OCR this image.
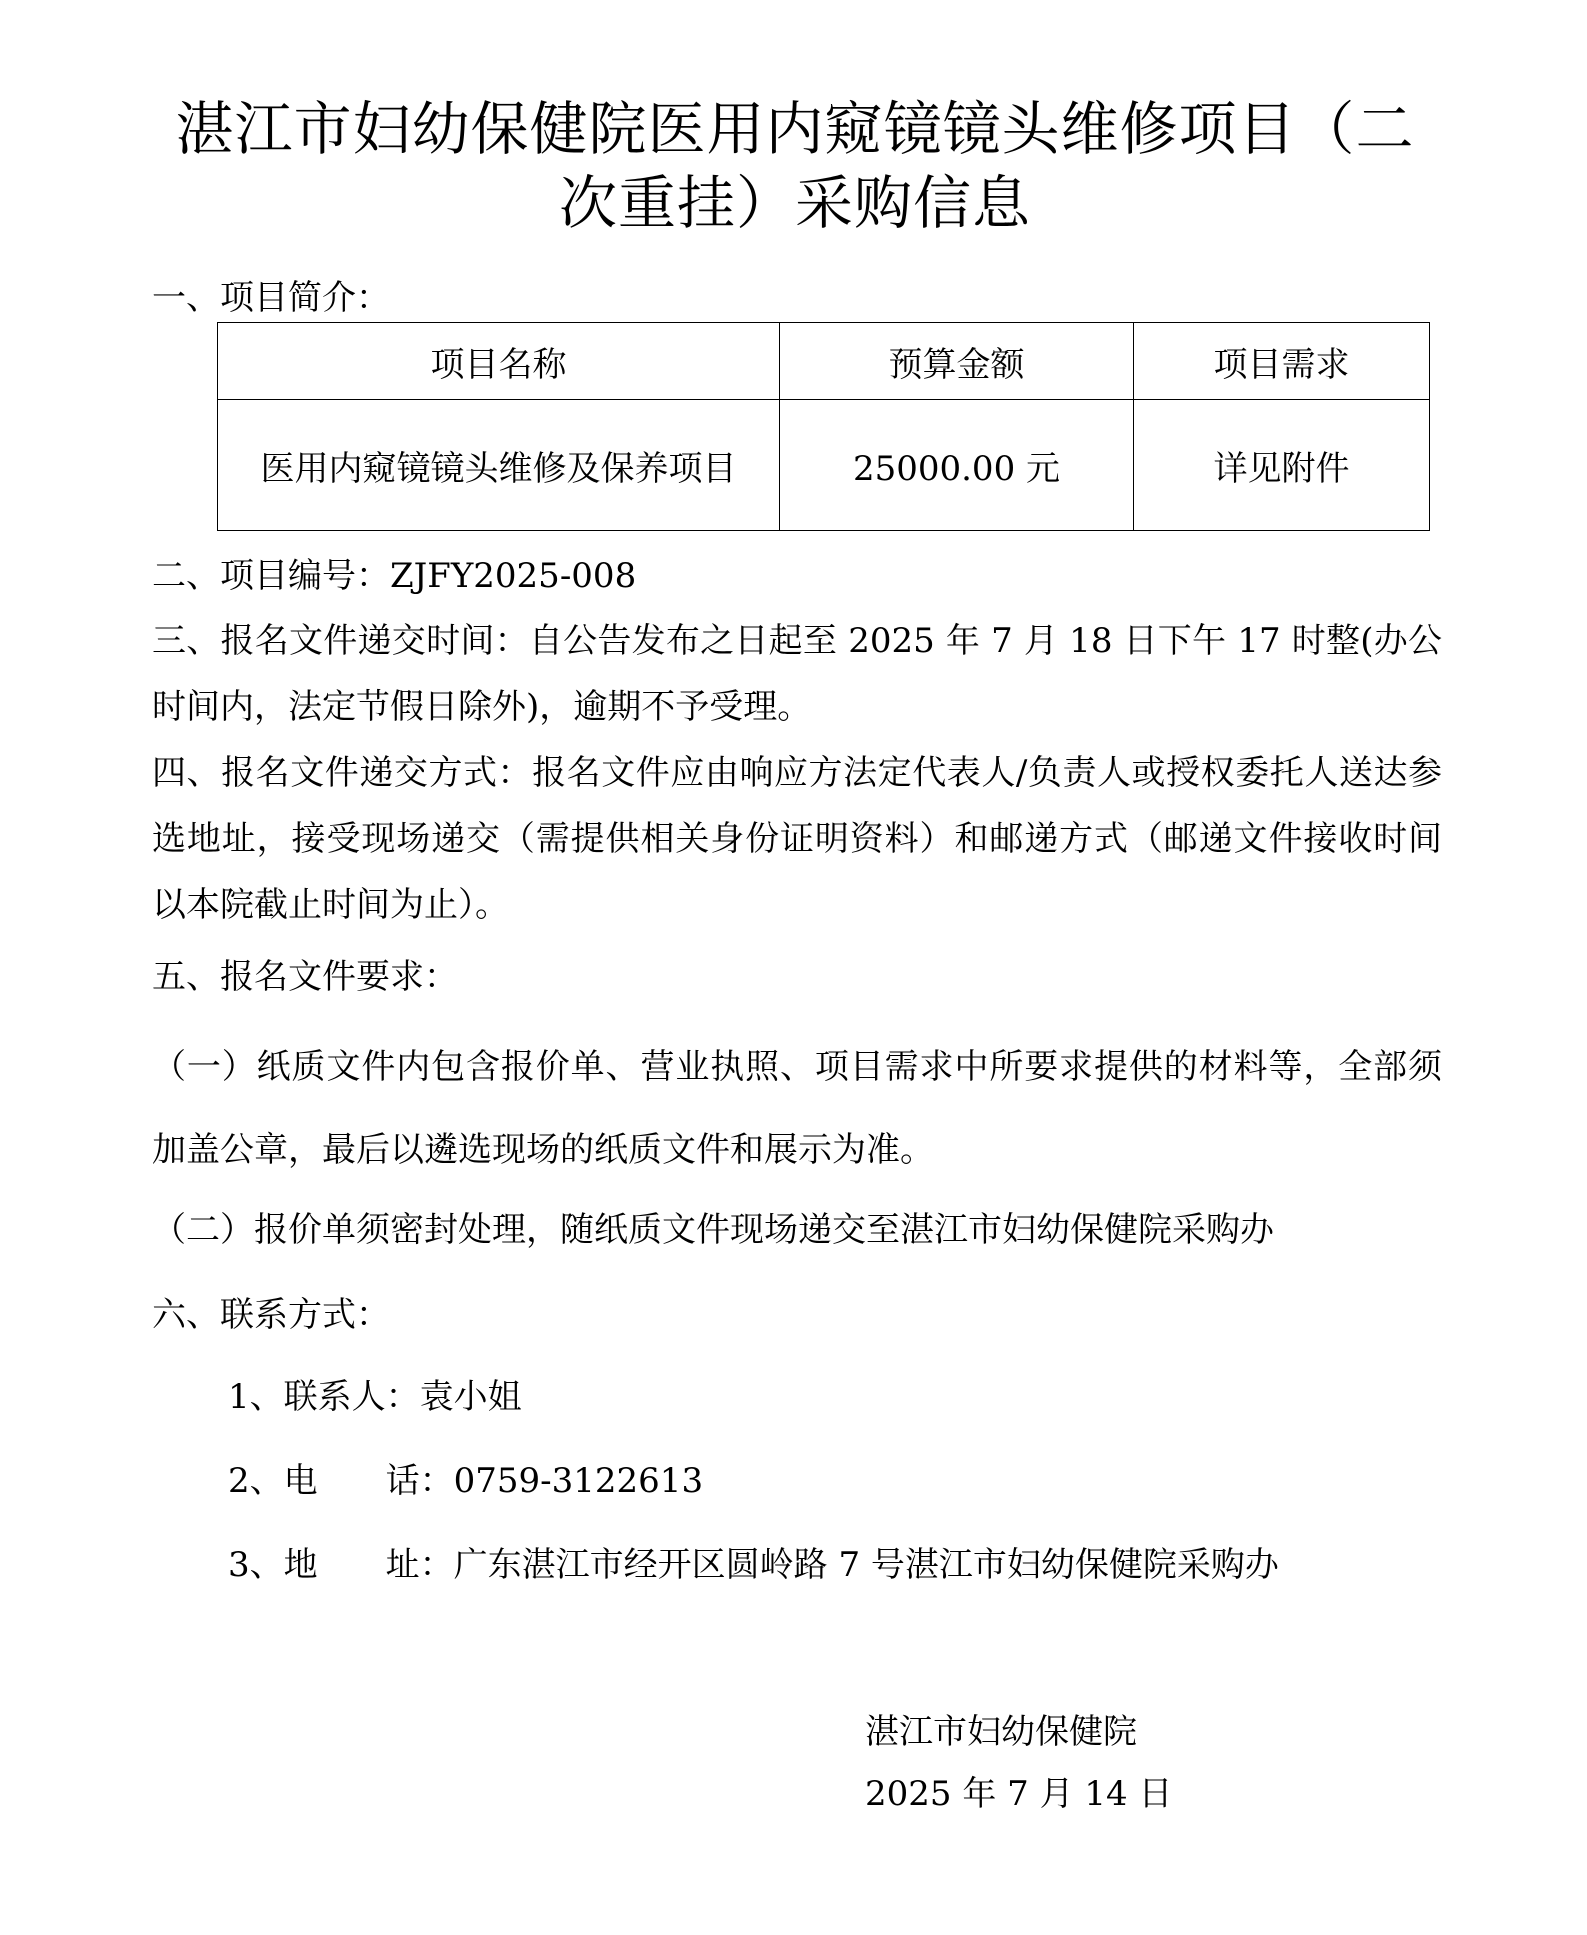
湛江市妇幼保健院医用内窥镜镜头维修项目（二次重挂）采购信息
一、项目简介：
项目名称	预算金额	项目需求
医用内窥镜镜头维修及保养项目	25000.00 元	详见附件
二、项目编号：ZJFY2025-008
三、报名文件递交时间：自公告发布之日起至 2025 年 7 月 18 日下午 17 时整(办公时间内，法定节假日除外)，逾期不予受理。
四、报名文件递交方式：报名文件应由响应方法定代表人/负责人或授权委托人送达参选地址，接受现场递交（需提供相关身份证明资料）和邮递方式（邮递文件接收时间以本院截止时间为止）。
五、报名文件要求：
（一）纸质文件内包含报价单、营业执照、项目需求中所要求提供的材料等，全部须加盖公章，最后以遴选现场的纸质文件和展示为准。
（二）报价单须密封处理，随纸质文件现场递交至湛江市妇幼保健院采购办
六、联系方式：
1、联系人：袁小姐
2、电　　话：0759-3122613
3、地　　址：广东湛江市经开区圆岭路 7 号湛江市妇幼保健院采购办
湛江市妇幼保健院
2025 年 7 月 14 日
